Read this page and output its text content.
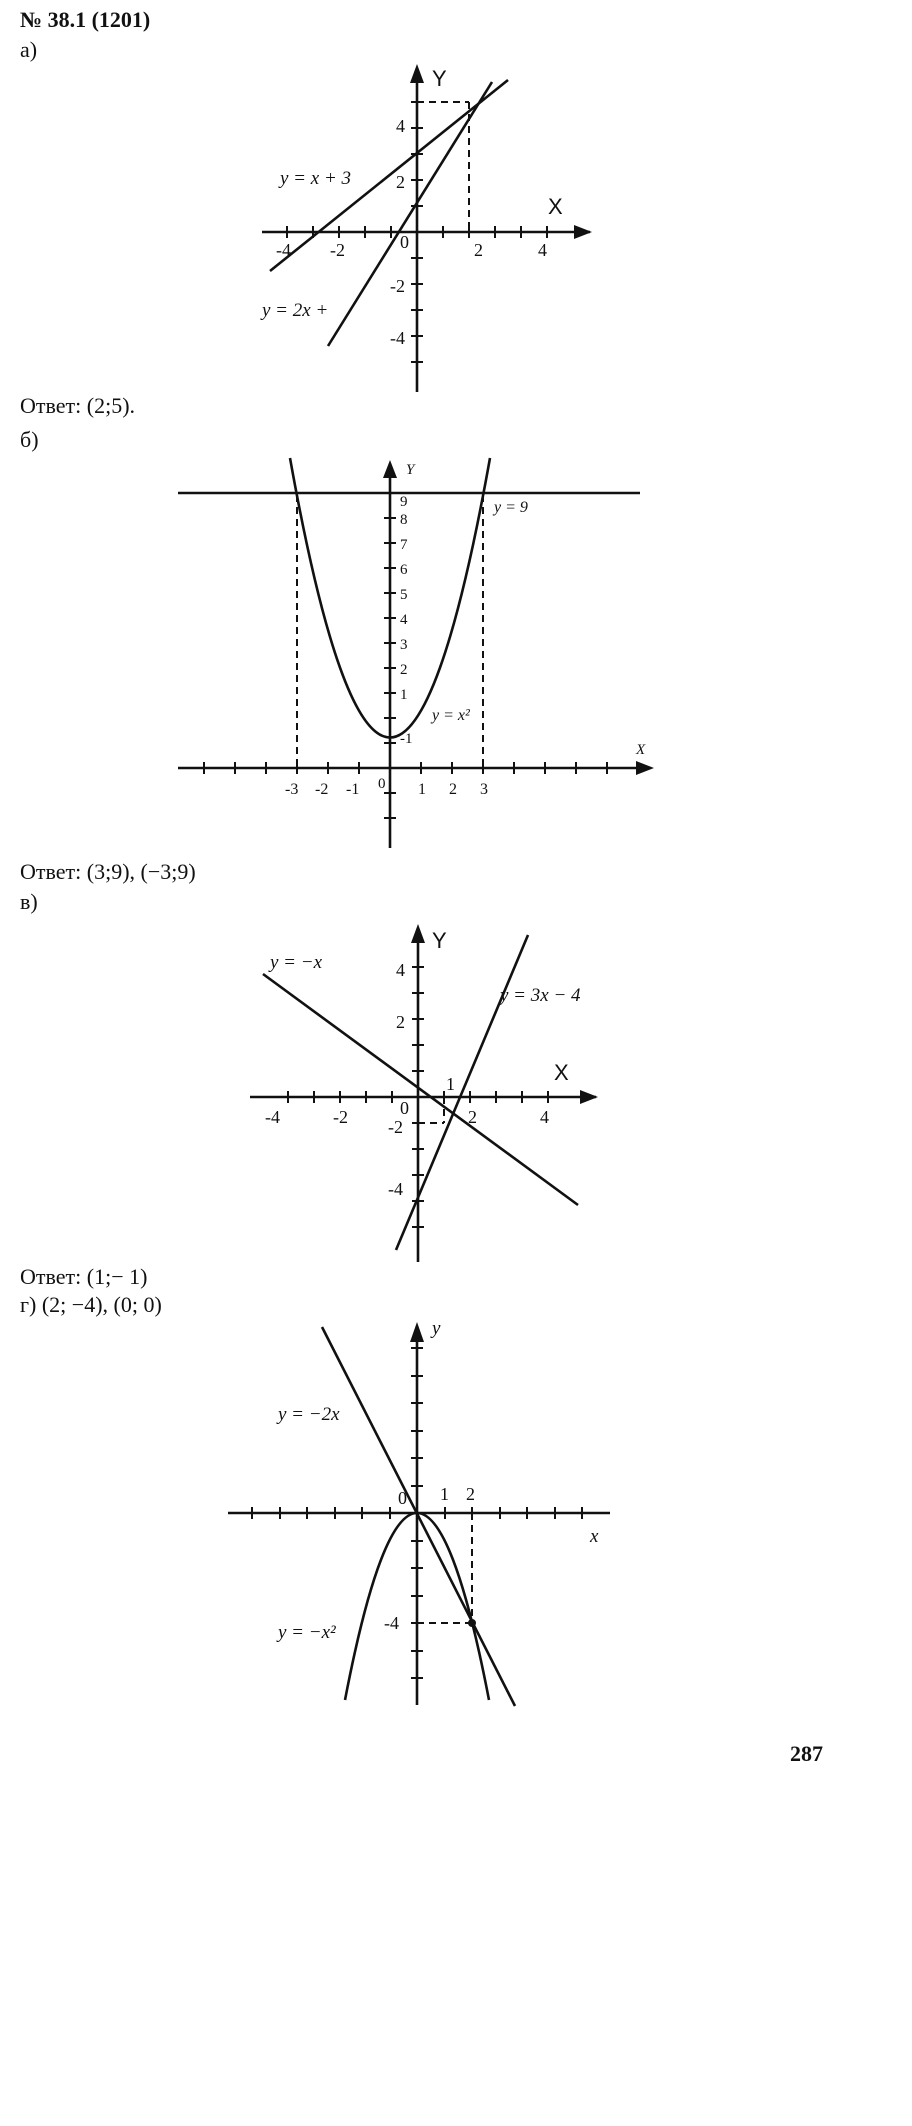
№ 38.1 (1201)
а)
Y
X
-4 -2	0	2	4
4
2
-2
-4
y = x + 3
y = 2x +
Ответ: (2;5).
б)
Y
X
-3 -2 -1 0 1 2 3
9
8
7
6
5
4
3
2
1
-1
y = 9
y = x²
Ответ: (3;9), (−3;9)
в)
Y
X
-4	-2	0
1
2	4
4
2
-2
-4
y = −x
y = 3x − 4
Ответ: (1;− 1)
г) (2; −4), (0; 0)
y
x
0 1 2
-4
y = −2x
y = −x²
287
